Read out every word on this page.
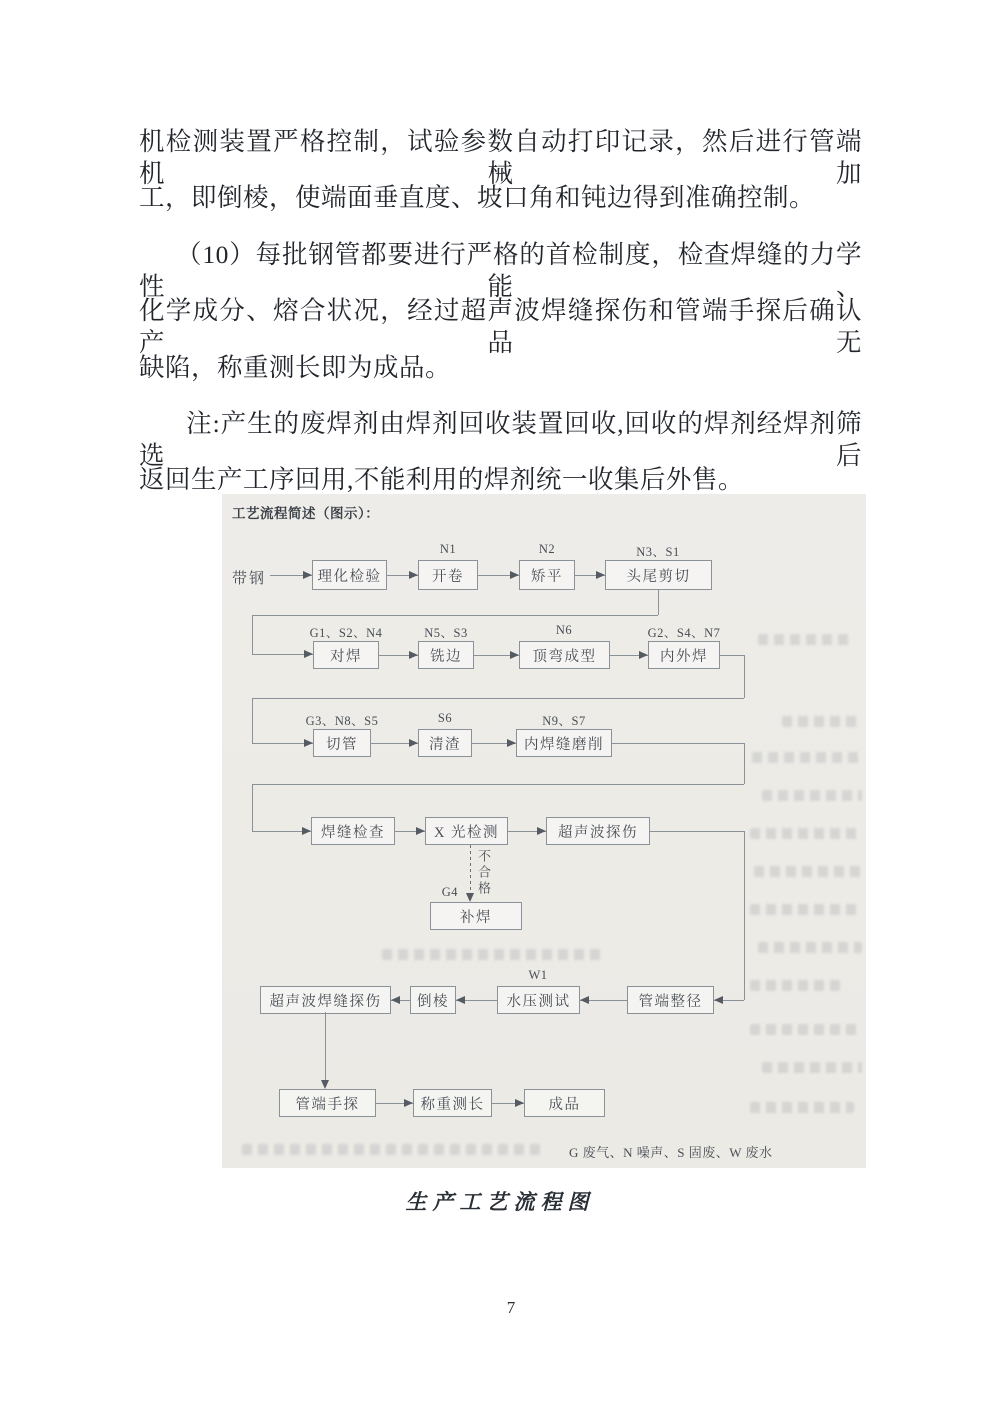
机检测装置严格控制，试验参数自动打印记录，然后进行管端机械加
工，即倒棱，使端面垂直度、坡口角和钝边得到准确控制。
（10）每批钢管都要进行严格的首检制度，检查焊缝的力学性能、
化学成分、熔合状况，经过超声波焊缝探伤和管端手探后确认产品无
缺陷，称重测长即为成品。
注:产生的废焊剂由焊剂回收装置回收,回收的焊剂经焊剂筛选后
返回生产工序回用,不能利用的焊剂统一收集后外售。
工艺流程简述（图示）：
带钢	理化检验	开卷	矫平	头尾剪切
N1	N2	N3、S1
对焊	铣边	顶弯成型	内外焊
G1、S2、N4	N5、S3	N6	G2、S4、N7
切管	清渣	内焊缝磨削
G3、N8、S5	S6	N9、S7
焊缝检查	X 光检测	超声波探伤
不合格
G4
补焊
超声波焊缝探伤	倒棱	水压测试	管端整径
W1
管端手探	称重测长	成品
G 废气、N 噪声、S 固废、W 废水
生产工艺流程图
7
